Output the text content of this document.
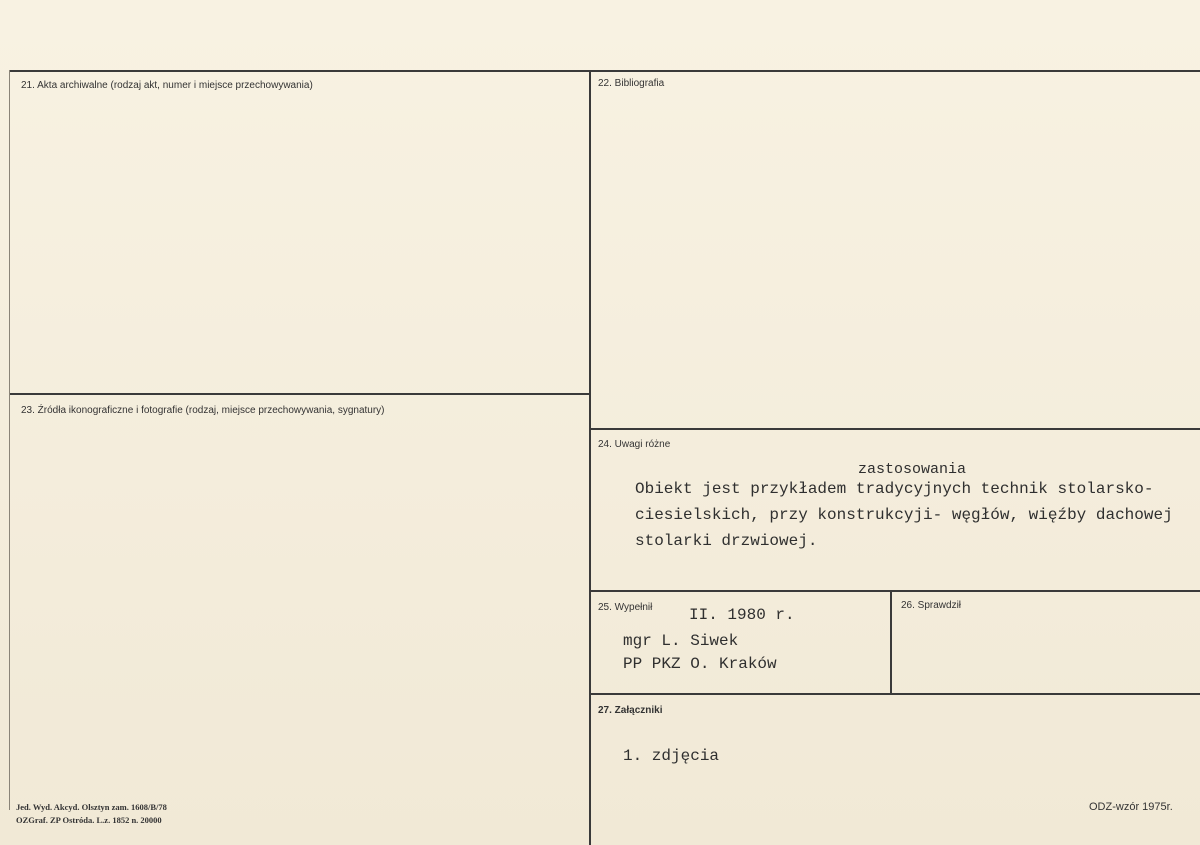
21. Akta archiwalne (rodzaj akt, numer i miejsce przechowywania)	22. Bibliografia
23. Źródła ikonograficzne i fotografie (rodzaj, miejsce przechowywania, sygnatury)
24. Uwagi różne
zastosowania
Obiekt jest przykładem tradycyjnych technik stolarsko-
ciesielskich, przy konstrukcyji- węgłów, więźby dachowej
stolarki drzwiowej.
25. Wypełnił II. 1980 r.
mgr L. Siwek
PP PKZ O. Kraków
26. Sprawdził
27. Załączniki
1. zdjęcia
Jed. Wyd. Akcyd. Olsztyn zam. 1608/B/78
OZGraf. ZP Ostróda. L.z. 1852 n. 20000
ODZ-wzór 1975r.
